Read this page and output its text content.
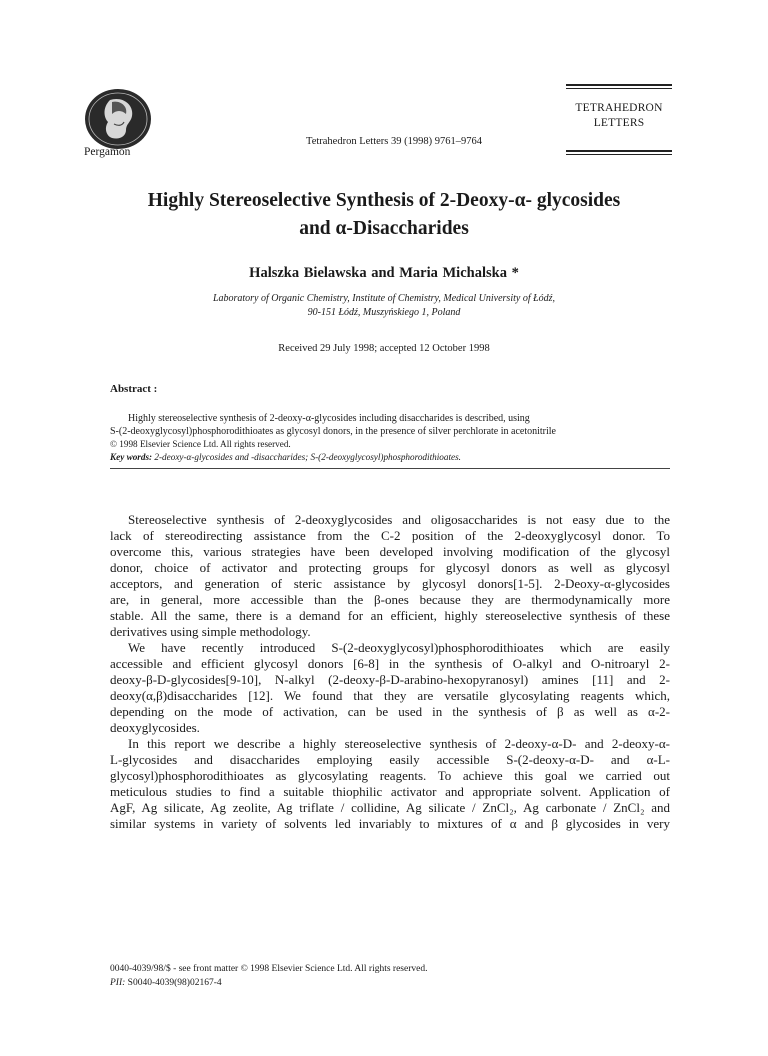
Pergamon
Tetrahedron Letters 39 (1998) 9761–9764
TETRAHEDRON
LETTERS
Highly Stereoselective Synthesis of 2-Deoxy-α- glycosides
and α-Disaccharides
Halszka Bielawska and Maria Michalska *
Laboratory of Organic Chemistry, Institute of Chemistry, Medical University of Łódź,
90-151 Łódź, Muszyńskiego 1, Poland
Received 29 July 1998; accepted 12 October 1998
Abstract :
Highly stereoselective synthesis of 2-deoxy-α-glycosides including disaccharides is described, using
S-(2-deoxyglycosyl)phosphorodithioates as glycosyl donors, in the presence of silver perchlorate in acetonitrile
© 1998 Elsevier Science Ltd. All rights reserved.
Key words: 2-deoxy-α-glycosides and -disaccharides; S-(2-deoxyglycosyl)phosphorodithioates.
Stereoselective synthesis of 2-deoxyglycosides and oligosaccharides is not easy due to the
lack of stereodirecting assistance from the C-2 position of the 2-deoxyglycosyl donor. To
overcome this, various strategies have been developed involving modification of the glycosyl
donor, choice of activator and protecting groups for glycosyl donors as well as glycosyl
acceptors, and generation of steric assistance by glycosyl donors[1-5]. 2-Deoxy-α-glycosides
are, in general, more accessible than the β-ones because they are thermodynamically more
stable. All the same, there is a demand for an efficient, highly stereoselective synthesis of these
derivatives using simple methodology.
We have recently introduced S-(2-deoxyglycosyl)phosphorodithioates which are easily
accessible and efficient glycosyl donors [6-8] in the synthesis of O-alkyl and O-nitroaryl 2-
deoxy-β-D-glycosides[9-10], N-alkyl (2-deoxy-β-D-arabino-hexopyranosyl) amines [11] and 2-
deoxy(α,β)disaccharides [12]. We found that they are versatile glycosylating reagents which,
depending on the mode of activation, can be used in the synthesis of β as well as α-2-
deoxyglycosides.
In this report we describe a highly stereoselective synthesis of 2-deoxy-α-D- and 2-deoxy-α-
L-glycosides and disaccharides employing easily accessible S-(2-deoxy-α-D- and α-L-
glycosyl)phosphorodithioates as glycosylating reagents. To achieve this goal we carried out
meticulous studies to find a suitable thiophilic activator and appropriate solvent. Application of
AgF, Ag silicate, Ag zeolite, Ag triflate / collidine, Ag silicate / ZnCl₂, Ag carbonate / ZnCl₂ and
similar systems in variety of solvents led invariably to mixtures of α and β glycosides in very
0040-4039/98/$ - see front matter © 1998 Elsevier Science Ltd. All rights reserved.
PII: S0040-4039(98)02167-4
